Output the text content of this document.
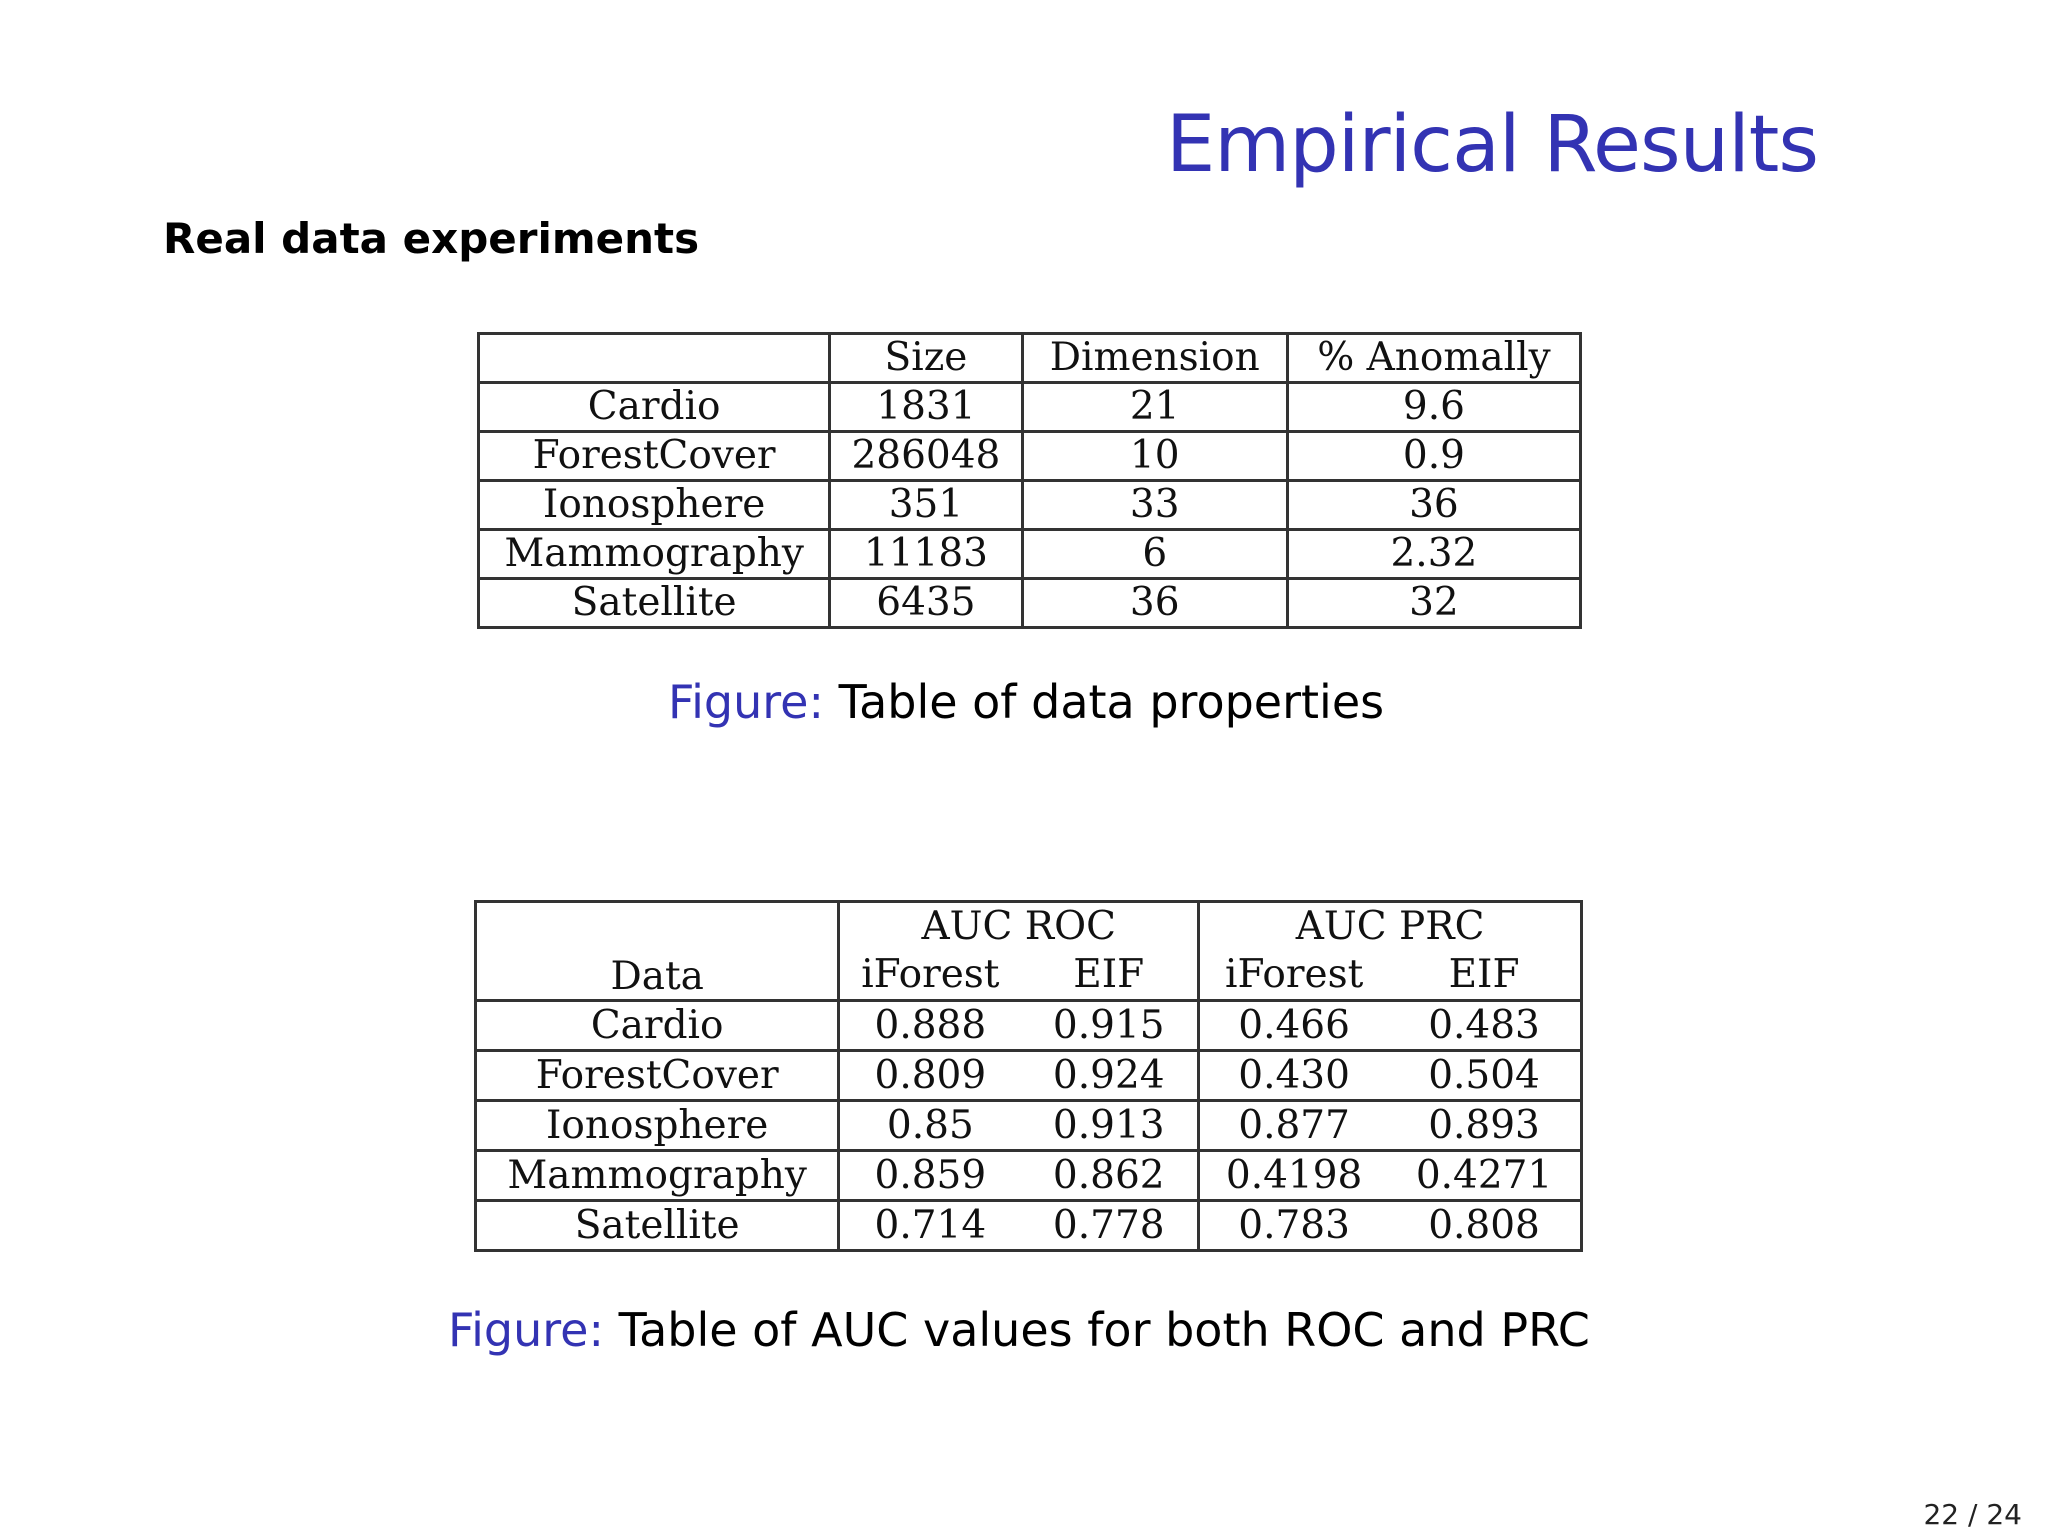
Empirical Results
Real data experiments
	Size	Dimension	% Anomally
Cardio	1831	21	9.6
ForestCover	286048	10	0.9
Ionosphere	351	33	36
Mammography	11183	6	2.32
Satellite	6435	36	32
Figure: Table of data properties
Data	AUC ROC		AUC PRC	
	iForest	EIF	iForest	EIF
Cardio	0.888	0.915	0.466	0.483
ForestCover	0.809	0.924	0.430	0.504
Ionosphere	0.85	0.913	0.877	0.893
Mammography	0.859	0.862	0.4198	0.4271
Satellite	0.714	0.778	0.783	0.808
Figure: Table of AUC values for both ROC and PRC
22 / 24
